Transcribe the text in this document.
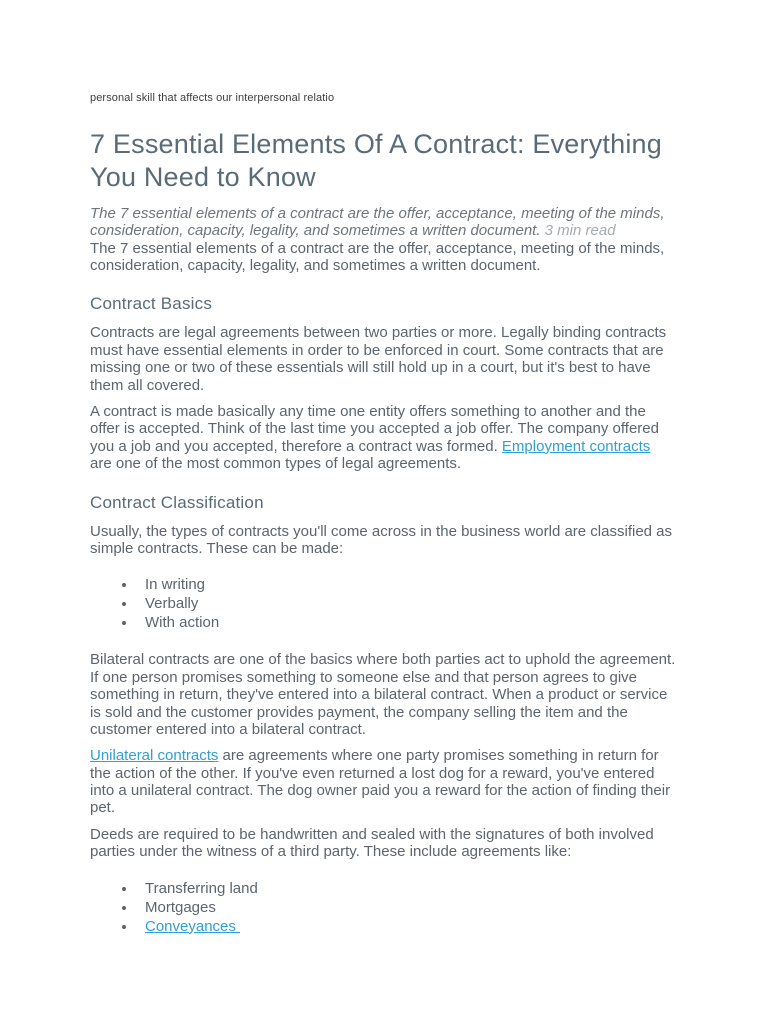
personal skill that affects our interpersonal relatio

7 Essential Elements Of A Contract: Everything You Need to Know

The 7 essential elements of a contract are the offer, acceptance, meeting of the minds, consideration, capacity, legality, and sometimes a written document. 3 min read

The 7 essential elements of a contract are the offer, acceptance, meeting of the minds, consideration, capacity, legality, and sometimes a written document.

Contract Basics

Contracts are legal agreements between two parties or more. Legally binding contracts must have essential elements in order to be enforced in court. Some contracts that are missing one or two of these essentials will still hold up in a court, but it's best to have them all covered.

A contract is made basically any time one entity offers something to another and the offer is accepted. Think of the last time you accepted a job offer. The company offered you a job and you accepted, therefore a contract was formed. Employment contracts are one of the most common types of legal agreements.

Contract Classification

Usually, the types of contracts you'll come across in the business world are classified as simple contracts. These can be made:

• In writing
• Verbally
• With action

Bilateral contracts are one of the basics where both parties act to uphold the agreement. If one person promises something to someone else and that person agrees to give something in return, they've entered into a bilateral contract. When a product or service is sold and the customer provides payment, the company selling the item and the customer entered into a bilateral contract.

Unilateral contracts are agreements where one party promises something in return for the action of the other. If you've even returned a lost dog for a reward, you've entered into a unilateral contract. The dog owner paid you a reward for the action of finding their pet.

Deeds are required to be handwritten and sealed with the signatures of both involved parties under the witness of a third party. These include agreements like:

• Transferring land
• Mortgages
• Conveyances
